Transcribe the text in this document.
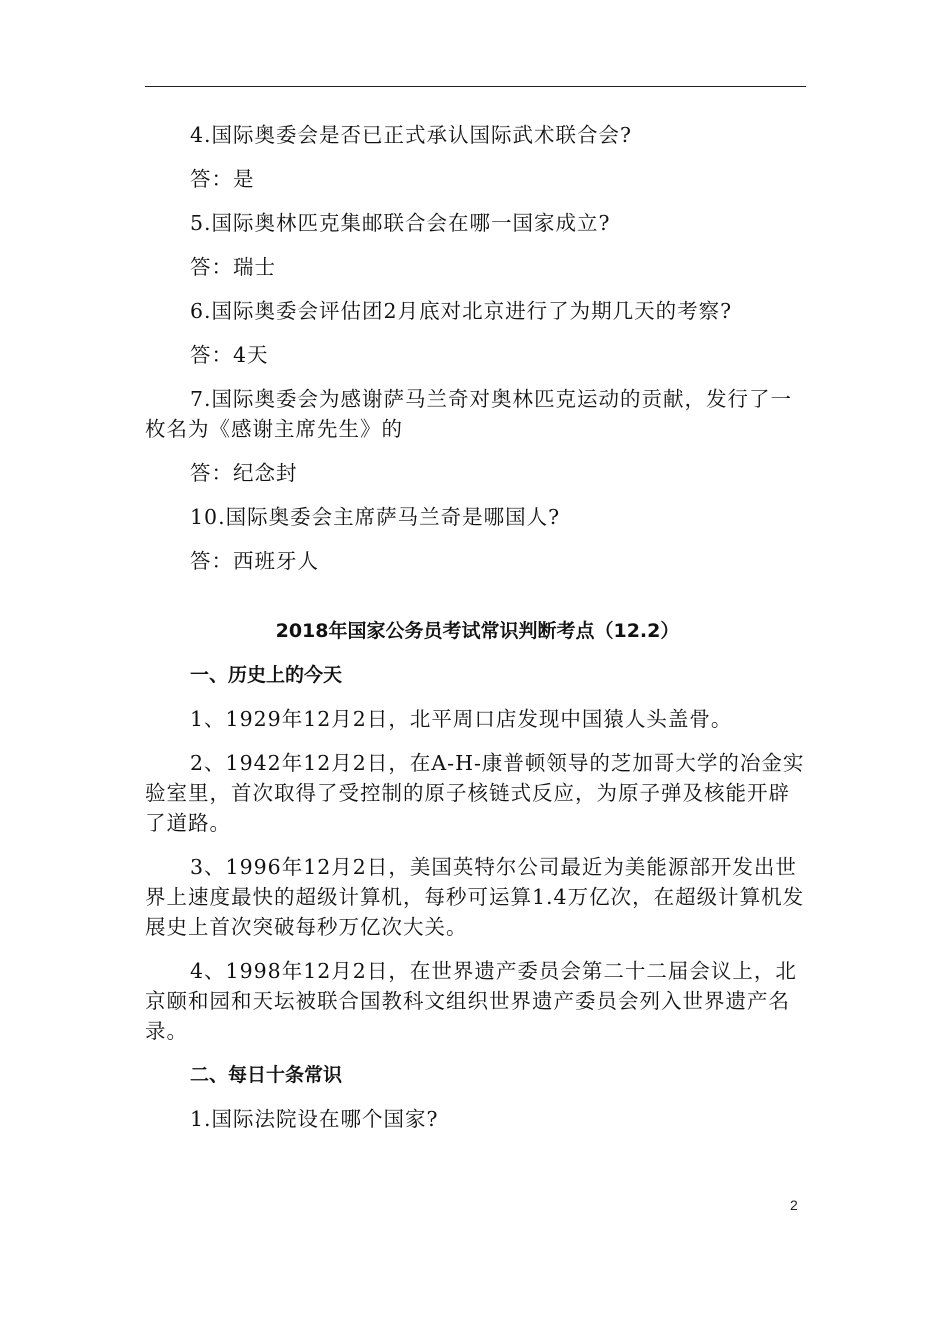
4.国际奥委会是否已正式承认国际武术联合会?

答：是

5.国际奥林匹克集邮联合会在哪一国家成立?

答：瑞士

6.国际奥委会评估团2月底对北京进行了为期几天的考察?

答：4天

7.国际奥委会为感谢萨马兰奇对奥林匹克运动的贡献，发行了一枚名为《感谢主席先生》的

答：纪念封

10.国际奥委会主席萨马兰奇是哪国人?

答：西班牙人

2018年国家公务员考试常识判断考点（12.2）
一、历史上的今天

1、1929年12月2日，北平周口店发现中国猿人头盖骨。

2、1942年12月2日，在A-H-康普顿领导的芝加哥大学的冶金实验室里，首次取得了受控制的原子核链式反应，为原子弹及核能开辟了道路。

3、1996年12月2日，美国英特尔公司最近为美能源部开发出世界上速度最快的超级计算机，每秒可运算1.4万亿次，在超级计算机发展史上首次突破每秒万亿次大关。

4、1998年12月2日，在世界遗产委员会第二十二届会议上，北京颐和园和天坛被联合国教科文组织世界遗产委员会列入世界遗产名录。

二、每日十条常识

1.国际法院设在哪个国家?

2
